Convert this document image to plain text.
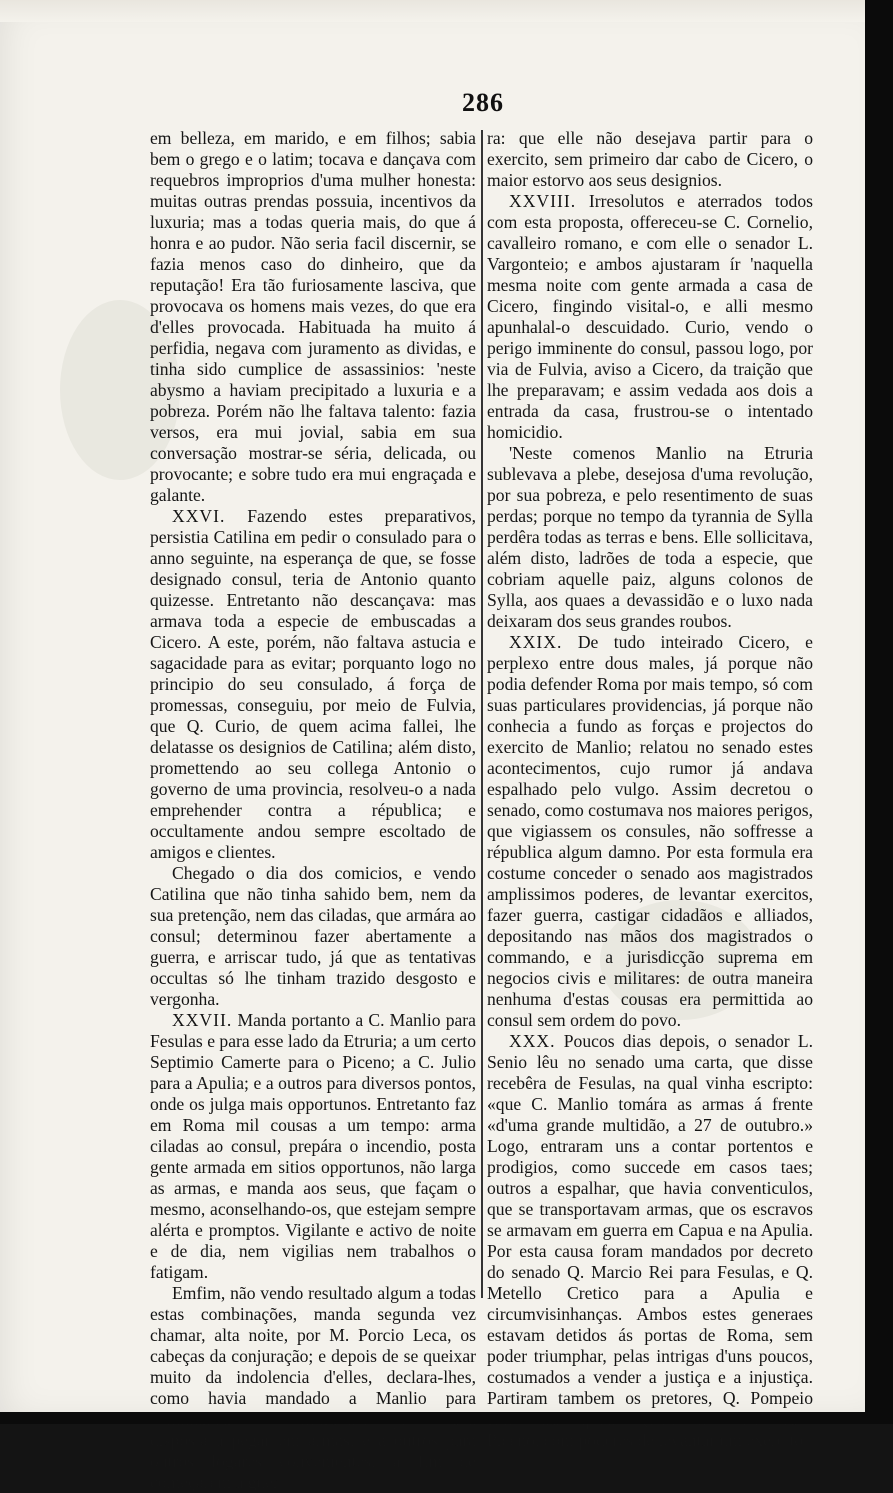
286

em belleza, em marido, e em filhos; sabia bem o grego e o latim; tocava e dançava com requebros improprios d'uma mulher honesta: muitas outras prendas possuia, incentivos da luxuria; mas a todas queria mais, do que á honra e ao pudor. Não seria facil discernir, se fazia menos caso do dinheiro, que da reputação! Era tão furiosamente lasciva, que provocava os homens mais vezes, do que era d'elles provocada. Habituada ha muito á perfidia, negava com juramento as dividas, e tinha sido cumplice de assassinios: 'neste abysmo a haviam precipitado a luxuria e a pobreza. Porém não lhe faltava talento: fazia versos, era mui jovial, sabia em sua conversação mostrar-se séria, delicada, ou provocante; e sobre tudo era mui engraçada e galante.

XXVI. Fazendo estes preparativos, persistia Catilina em pedir o consulado para o anno seguinte, na esperança de que, se fosse designado consul, teria de Antonio quanto quizesse. Entretanto não descançava: mas armava toda a especie de embuscadas a Cicero. A este, porém, não faltava astucia e sagacidade para as evitar; porquanto logo no principio do seu consulado, á força de promessas, conseguiu, por meio de Fulvia, que Q. Curio, de quem acima fallei, lhe delatasse os designios de Catilina; além disto, promettendo ao seu collega Antonio o governo de uma provincia, resolveu-o a nada emprehender contra a républica; e occultamente andou sempre escoltado de amigos e clientes.

Chegado o dia dos comicios, e vendo Catilina que não tinha sahido bem, nem da sua pretenção, nem das ciladas, que armára ao consul; determinou fazer abertamente a guerra, e arriscar tudo, já que as tentativas occultas só lhe tinham trazido desgosto e vergonha.

XXVII. Manda portanto a C. Manlio para Fesulas e para esse lado da Etruria; a um certo Septimio Camerte para o Piceno; a C. Julio para a Apulia; e a outros para diversos pontos, onde os julga mais opportunos. Entretanto faz em Roma mil cousas a um tempo: arma ciladas ao consul, prepára o incendio, posta gente armada em sitios opportunos, não larga as armas, e manda aos seus, que façam o mesmo, aconselhando-os, que estejam sempre alérta e promptos. Vigilante e activo de noite e de dia, nem vigilias nem trabalhos o fatigam.

Emfim, não vendo resultado algum a todas estas combinações, manda segunda vez chamar, alta noite, por M. Porcio Leca, os cabeças da conjuração; e depois de se queixar muito da indolencia d'elles, declara-lhes, como havia mandado a Manlio para disposta a pegar em armas, e a outros para outros logares convenientes, a fim de começarem a guer-

ra: que elle não desejava partir para o exercito, sem primeiro dar cabo de Cicero, o maior estorvo aos seus designios.

XXVIII. Irresolutos e aterrados todos com esta proposta, offereceu-se C. Cornelio, cavalleiro romano, e com elle o senador L. Vargonteio; e ambos ajustaram ír 'naquella mesma noite com gente armada a casa de Cicero, fingindo visital-o, e alli mesmo apunhalal-o descuidado. Curio, vendo o perigo imminente do consul, passou logo, por via de Fulvia, aviso a Cicero, da traição que lhe preparavam; e assim vedada aos dois a entrada da casa, frustrou-se o intentado homicidio.

'Neste comenos Manlio na Etruria sublevava a plebe, desejosa d'uma revolução, por sua pobreza, e pelo resentimento de suas perdas; porque no tempo da tyrannia de Sylla perdêra todas as terras e bens. Elle sollicitava, além disto, ladrões de toda a especie, que cobriam aquelle paiz, alguns colonos de Sylla, aos quaes a devassidão e o luxo nada deixaram dos seus grandes roubos.

XXIX. De tudo inteirado Cicero, e perplexo entre dous males, já porque não podia defender Roma por mais tempo, só com suas particulares providencias, já porque não conhecia a fundo as forças e projectos do exercito de Manlio; relatou no senado estes acontecimentos, cujo rumor já andava espalhado pelo vulgo. Assim decretou o senado, como costumava nos maiores perigos, que vigiassem os consules, não soffresse a républica algum damno. Por esta formula era costume conceder o senado aos magistrados amplissimos poderes, de levantar exercitos, fazer guerra, castigar cidadãos e alliados, depositando nas mãos dos magistrados o commando, e a jurisdicção suprema em negocios civis e militares: de outra maneira nenhuma d'estas cousas era permittida ao consul sem ordem do povo.

XXX. Poucos dias depois, o senador L. Senio lêu no senado uma carta, que disse recebêra de Fesulas, na qual vinha escripto: «que C. Manlio tomára as armas á frente «d'uma grande multidão, a 27 de outubro.» Logo, entraram uns a contar portentos e prodigios, como succede em casos taes; outros a espalhar, que havia conventiculos, que se transportavam armas, que os escravos se armavam em guerra em Capua e na Apulia. Por esta causa foram mandados por decreto do senado Q. Marcio Rei para Fesulas, e Q. Metello Cretico para a Apulia e circumvisinhanças. Ambos estes generaes estavam detidos ás portas de Roma, sem poder triumphar, pelas intrigas d'uns poucos, costumados a vender a justiça e a injustiça. Partiram tambem os pretores, Q. Pompeio Piceno, com poderes de levantar um exercito
